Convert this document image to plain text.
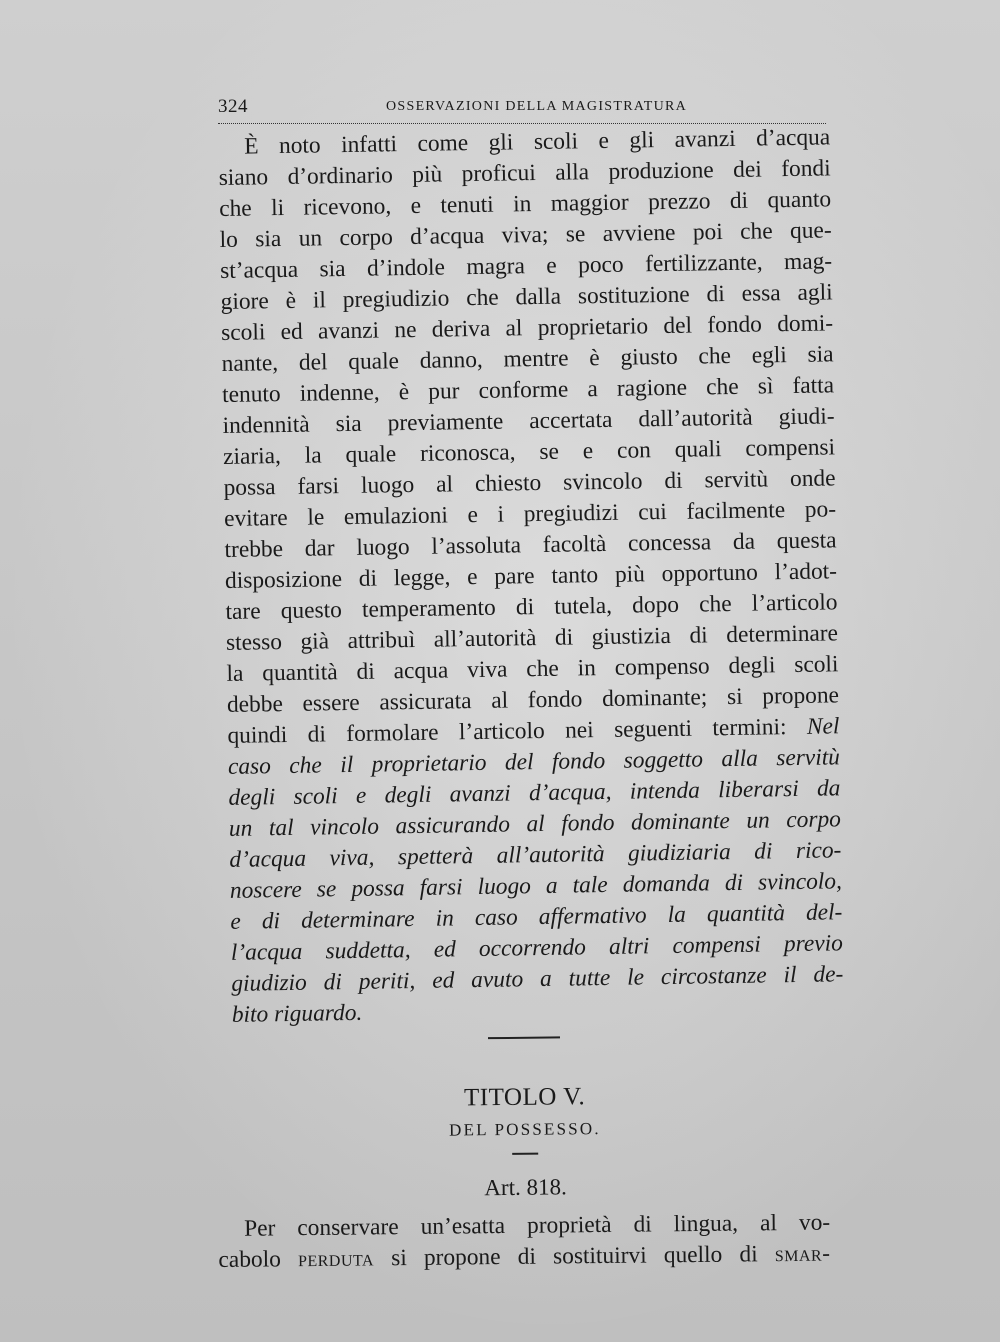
324	OSSERVAZIONI DELLA MAGISTRATURA
È noto infatti come gli scoli e gli avanzi d’acqua
siano d’ordinario più proficui alla produzione dei fondi
che li ricevono, e tenuti in maggior prezzo di quanto
lo sia un corpo d’acqua viva; se avviene poi che que-
st’acqua sia d’indole magra e poco fertilizzante, mag-
giore è il pregiudizio che dalla sostituzione di essa agli
scoli ed avanzi ne deriva al proprietario del fondo domi-
nante, del quale danno, mentre è giusto che egli sia
tenuto indenne, è pur conforme a ragione che sì fatta
indennità sia previamente accertata dall’autorità giudi-
ziaria, la quale riconosca, se e con quali compensi
possa farsi luogo al chiesto svincolo di servitù onde
evitare le emulazioni e i pregiudizi cui facilmente po-
trebbe dar luogo l’assoluta facoltà concessa da questa
disposizione di legge, e pare tanto più opportuno l’adot-
tare questo temperamento di tutela, dopo che l’articolo
stesso già attribuì all’autorità di giustizia di determinare
la quantità di acqua viva che in compenso degli scoli
debbe essere assicurata al fondo dominante; si propone
quindi di formolare l’articolo nei seguenti termini: Nel
caso che il proprietario del fondo soggetto alla servitù
degli scoli e degli avanzi d’acqua, intenda liberarsi da
un tal vincolo assicurando al fondo dominante un corpo
d’acqua viva, spetterà all’autorità giudiziaria di rico-
noscere se possa farsi luogo a tale domanda di svincolo,
e di determinare in caso affermativo la quantità del-
l’acqua suddetta, ed occorrendo altri compensi previo
giudizio di periti, ed avuto a tutte le circostanze il de-
bito riguardo.
TITOLO V.
DEL POSSESSO.
Art. 818.
Per conservare un’esatta proprietà di lingua, al vo-
cabolo perduta si propone di sostituirvi quello di smar-
